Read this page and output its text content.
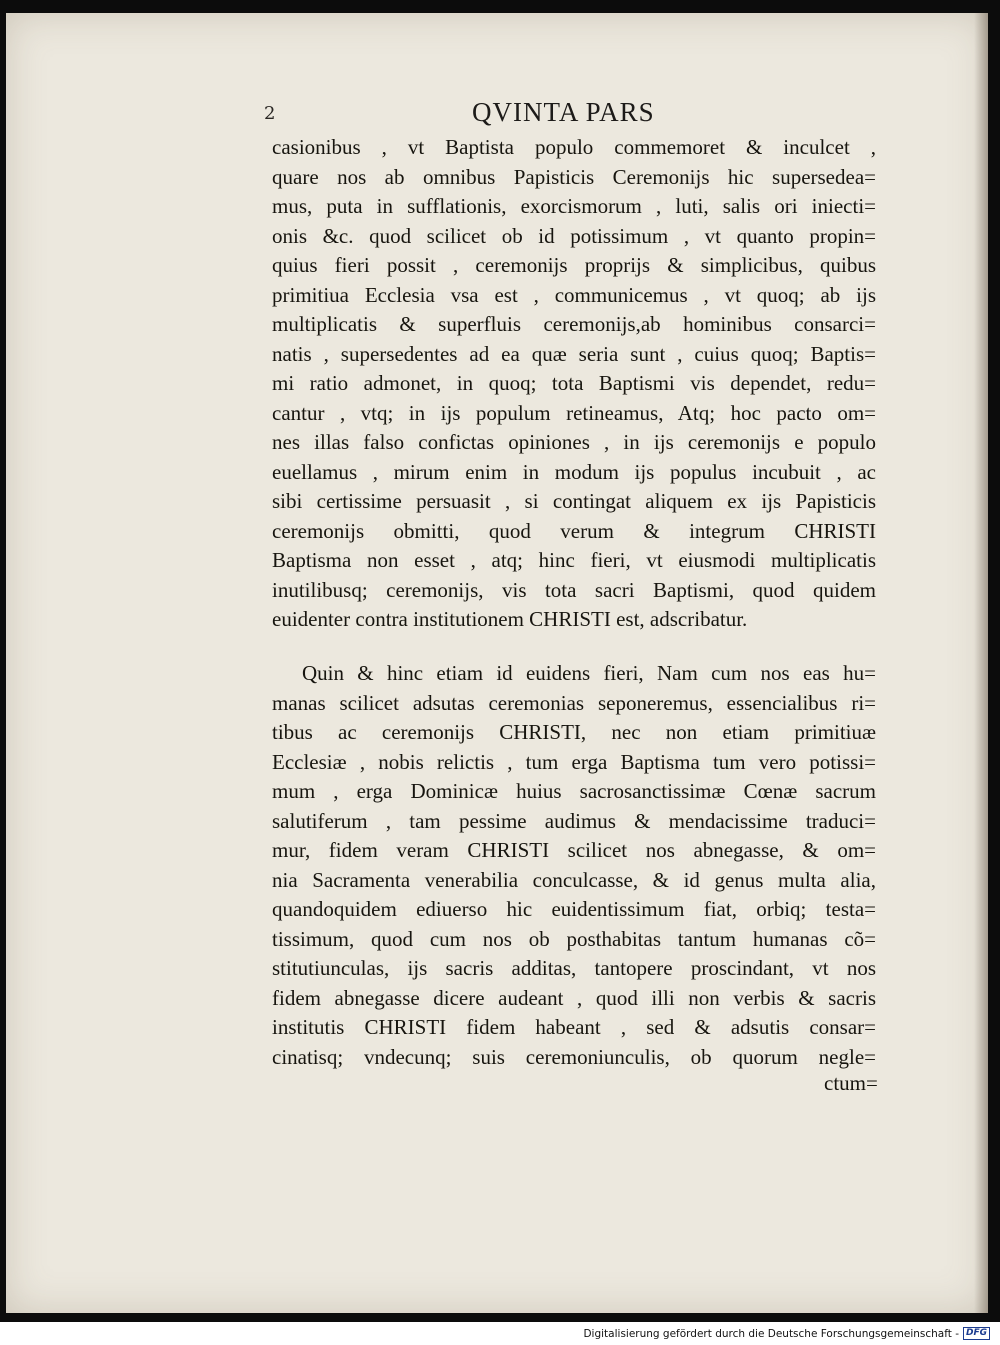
2	QVINTA PARS
casionibus , vt Baptista populo commemoret & inculcet ,
quare nos ab omnibus Papisticis Ceremonijs hic supersedea=
mus, puta in sufflationis, exorcismorum , luti, salis ori iniecti=
onis &c. quod scilicet ob id potissimum , vt quanto propin=
quius fieri possit , ceremonijs proprijs & simplicibus, quibus
primitiua Ecclesia vsa est , communicemus , vt quoq; ab ijs
multiplicatis & superfluis ceremonijs,ab hominibus consarci=
natis , supersedentes ad ea quæ seria sunt , cuius quoq; Baptis=
mi ratio admonet, in quoq; tota Baptismi vis dependet, redu=
cantur , vtq; in ijs populum retineamus, Atq; hoc pacto om=
nes illas falso confictas opiniones , in ijs ceremonijs e populo
euellamus , mirum enim in modum ijs populus incubuit , ac
sibi certissime persuasit , si contingat aliquem ex ijs Papisticis
ceremonijs obmitti, quod verum & integrum CHRISTI
Baptisma non esset , atq; hinc fieri, vt eiusmodi multiplicatis
inutilibusq; ceremonijs, vis tota sacri Baptismi, quod quidem
euidenter contra institutionem CHRISTI est, adscribatur.
Quin & hinc etiam id euidens fieri, Nam cum nos eas hu=
manas scilicet adsutas ceremonias seponeremus, essencialibus ri=
tibus ac ceremonijs CHRISTI, nec non etiam primitiuæ
Ecclesiæ , nobis relictis , tum erga Baptisma tum vero potissi=
mum , erga Dominicæ huius sacrosanctissimæ Cœnæ sacrum
salutiferum , tam pessime audimus & mendacissime traduci=
mur, fidem veram CHRISTI scilicet nos abnegasse, & om=
nia Sacramenta venerabilia conculcasse, & id genus multa alia,
quandoquidem ediuerso hic euidentissimum fiat, orbiq; testa=
tissimum, quod cum nos ob posthabitas tantum humanas cõ=
stitutiunculas, ijs sacris additas, tantopere proscindant, vt nos
fidem abnegasse dicere audeant , quod illi non verbis & sacris
institutis CHRISTI fidem habeant , sed & adsutis consar=
cinatisq; vndecunq; suis ceremoniunculis, ob quorum negle=
ctum=
Digitalisierung gefördert durch die Deutsche Forschungsgemeinschaft - DFG
